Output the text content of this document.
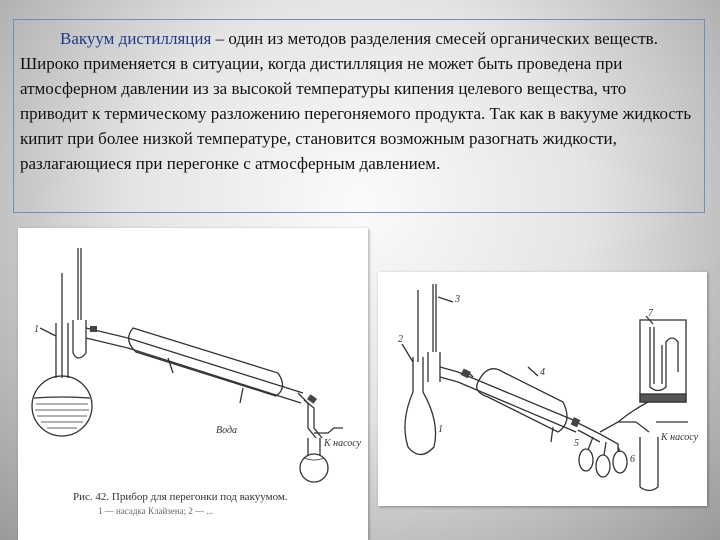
Вакуум дистилляция – один из методов разделения смесей органических веществ. Широко применяется в ситуации, когда дистилляция не может быть проведена при атмосферном давлении из за высокой температуры кипения целевого вещества, что приводит к термическому разложению перегоняемого продукта. Так как в вакууме жидкость кипит при более низкой температуре, становится возможным разогнать жидкости, разлагающиеся при перегонке с атмосферным давлением.

1
Вода
К насосу
Рис. 42. Прибор для перегонки под вакуумом.
1 — насадка Клайзена; 2 — ...
2
3
1
4
5
6
7
К насосу
